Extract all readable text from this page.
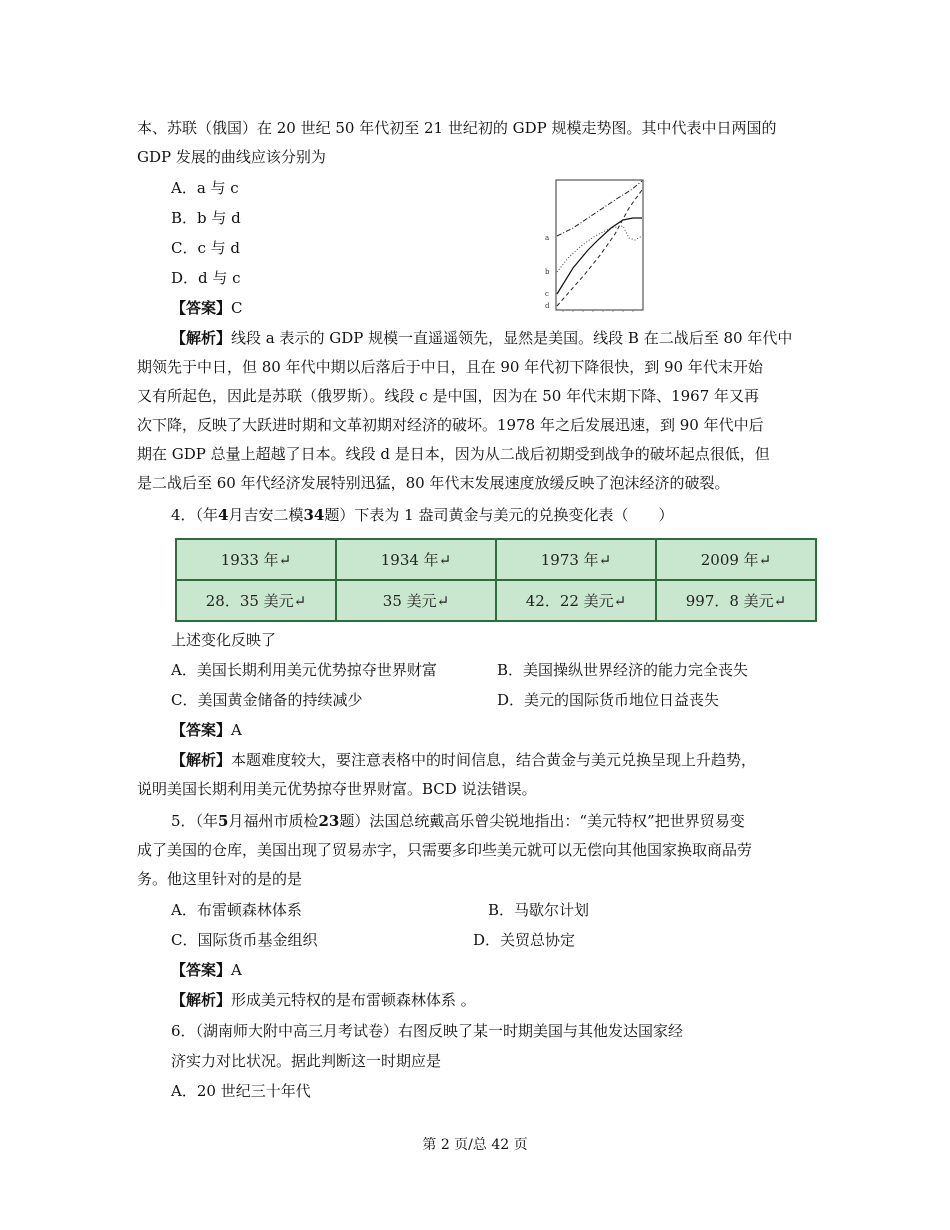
本、苏联（俄国）在 20 世纪 50 年代初至 21 世纪初的 GDP 规模走势图。其中代表中日两国的
GDP 发展的曲线应该分别为
A．a 与 c
B．b 与 d
C．c 与 d
D．d 与 c
【答案】C
a
b
c
d
【解析】线段 a 表示的 GDP 规模一直遥遥领先，显然是美国。线段 B 在二战后至 80 年代中
期领先于中日，但 80 年代中期以后落后于中日，且在 90 年代初下降很快，到 90 年代末开始
又有所起色，因此是苏联（俄罗斯）。线段 c 是中国，因为在 50 年代末期下降、1967 年又再
次下降，反映了大跃进时期和文革初期对经济的破坏。1978 年之后发展迅速，到 90 年代中后
期在 GDP 总量上超越了日本。线段 d 是日本，因为从二战后初期受到战争的破坏起点很低，但
是二战后至 60 年代经济发展特别迅猛，80 年代末发展速度放缓反映了泡沫经济的破裂。
4．（年4月吉安二模34题）下表为 1 盎司黄金与美元的兑换变化表（　　）
1933 年↵	1934 年↵	1973 年↵	2009 年↵
28．35 美元↵	35 美元↵	42．22 美元↵	997．8 美元↵
上述变化反映了
A．美国长期利用美元优势掠夺世界财富	B．美国操纵世界经济的能力完全丧失
C．美国黄金储备的持续减少	D．美元的国际货币地位日益丧失
【答案】A
【解析】本题难度较大，要注意表格中的时间信息，结合黄金与美元兑换呈现上升趋势，
说明美国长期利用美元优势掠夺世界财富。BCD 说法错误。
5．（年5月福州市质检23题）法国总统戴高乐曾尖锐地指出：“美元特权”把世界贸易变
成了美国的仓库，美国出现了贸易赤字，只需要多印些美元就可以无偿向其他国家换取商品劳
务。他这里针对的是的是
A．布雷顿森林体系	B．马歇尔计划
C．国际货币基金组织	D．关贸总协定
【答案】A
【解析】形成美元特权的是布雷顿森林体系 。
6．（湖南师大附中高三月考试卷）右图反映了某一时期美国与其他发达国家经
济实力对比状况。据此判断这一时期应是
A．20 世纪三十年代
第 2 页/总 42 页
